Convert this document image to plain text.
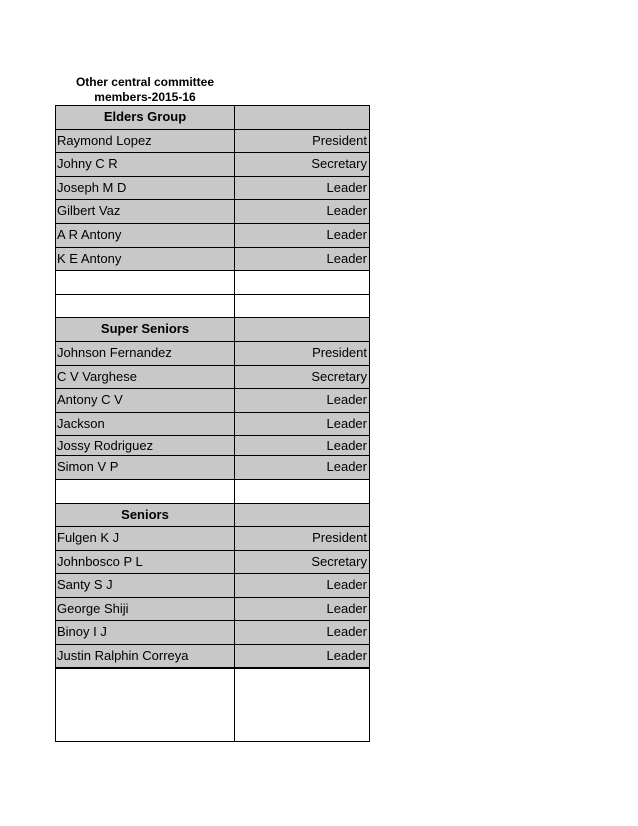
Other central committee
members-2015-16
Elders Group
Raymond Lopez	President
Johny C R	Secretary
Joseph M D	Leader
Gilbert Vaz	Leader
A R Antony	Leader
K E Antony	Leader
Super Seniors
Johnson Fernandez	President
C V Varghese	Secretary
Antony C V	Leader
Jackson	Leader
Jossy Rodriguez	Leader
Simon V P	Leader
Seniors
Fulgen K J	President
Johnbosco P L	Secretary
Santy S J	Leader
George Shiji	Leader
Binoy I J	Leader
Justin Ralphin Correya	Leader
